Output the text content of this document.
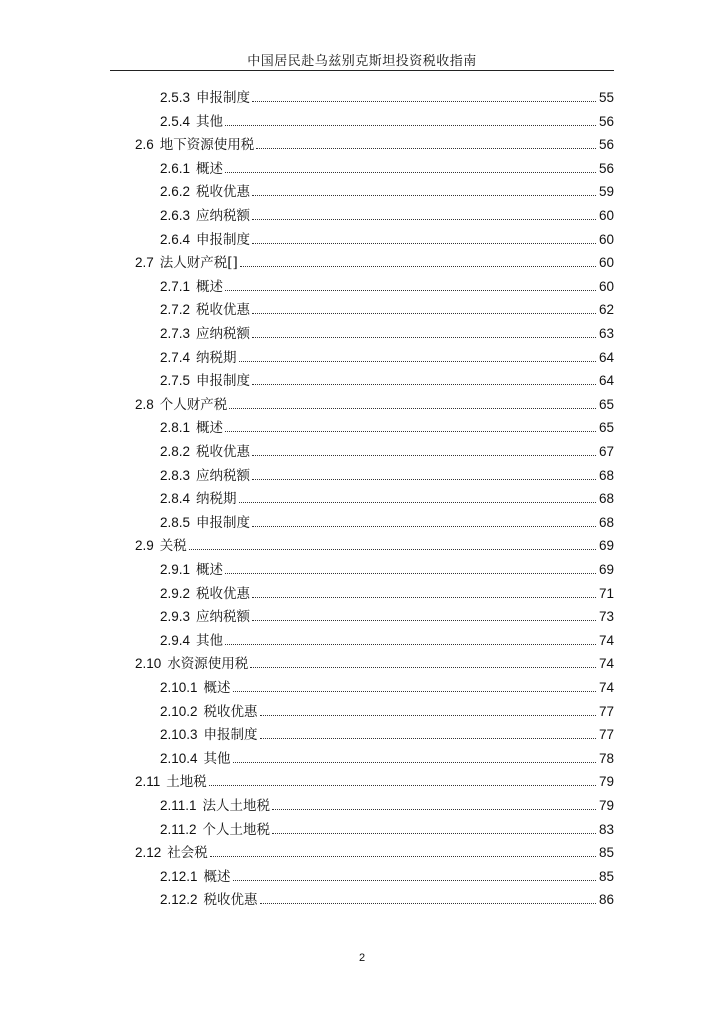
中国居民赴乌兹别克斯坦投资税收指南
2.5.3 申报制度	55
2.5.4 其他	56
2.6 地下资源使用税	56
2.6.1 概述	56
2.6.2 税收优惠	59
2.6.3 应纳税额	60
2.6.4 申报制度	60
2.7 法人财产税[]	60
2.7.1 概述	60
2.7.2 税收优惠	62
2.7.3 应纳税额	63
2.7.4 纳税期	64
2.7.5 申报制度	64
2.8 个人财产税	65
2.8.1 概述	65
2.8.2 税收优惠	67
2.8.3 应纳税额	68
2.8.4 纳税期	68
2.8.5 申报制度	68
2.9 关税	69
2.9.1 概述	69
2.9.2 税收优惠	71
2.9.3 应纳税额	73
2.9.4 其他	74
2.10 水资源使用税	74
2.10.1 概述	74
2.10.2 税收优惠	77
2.10.3 申报制度	77
2.10.4 其他	78
2.11 土地税	79
2.11.1 法人土地税	79
2.11.2 个人土地税	83
2.12 社会税	85
2.12.1 概述	85
2.12.2 税收优惠	86
2
